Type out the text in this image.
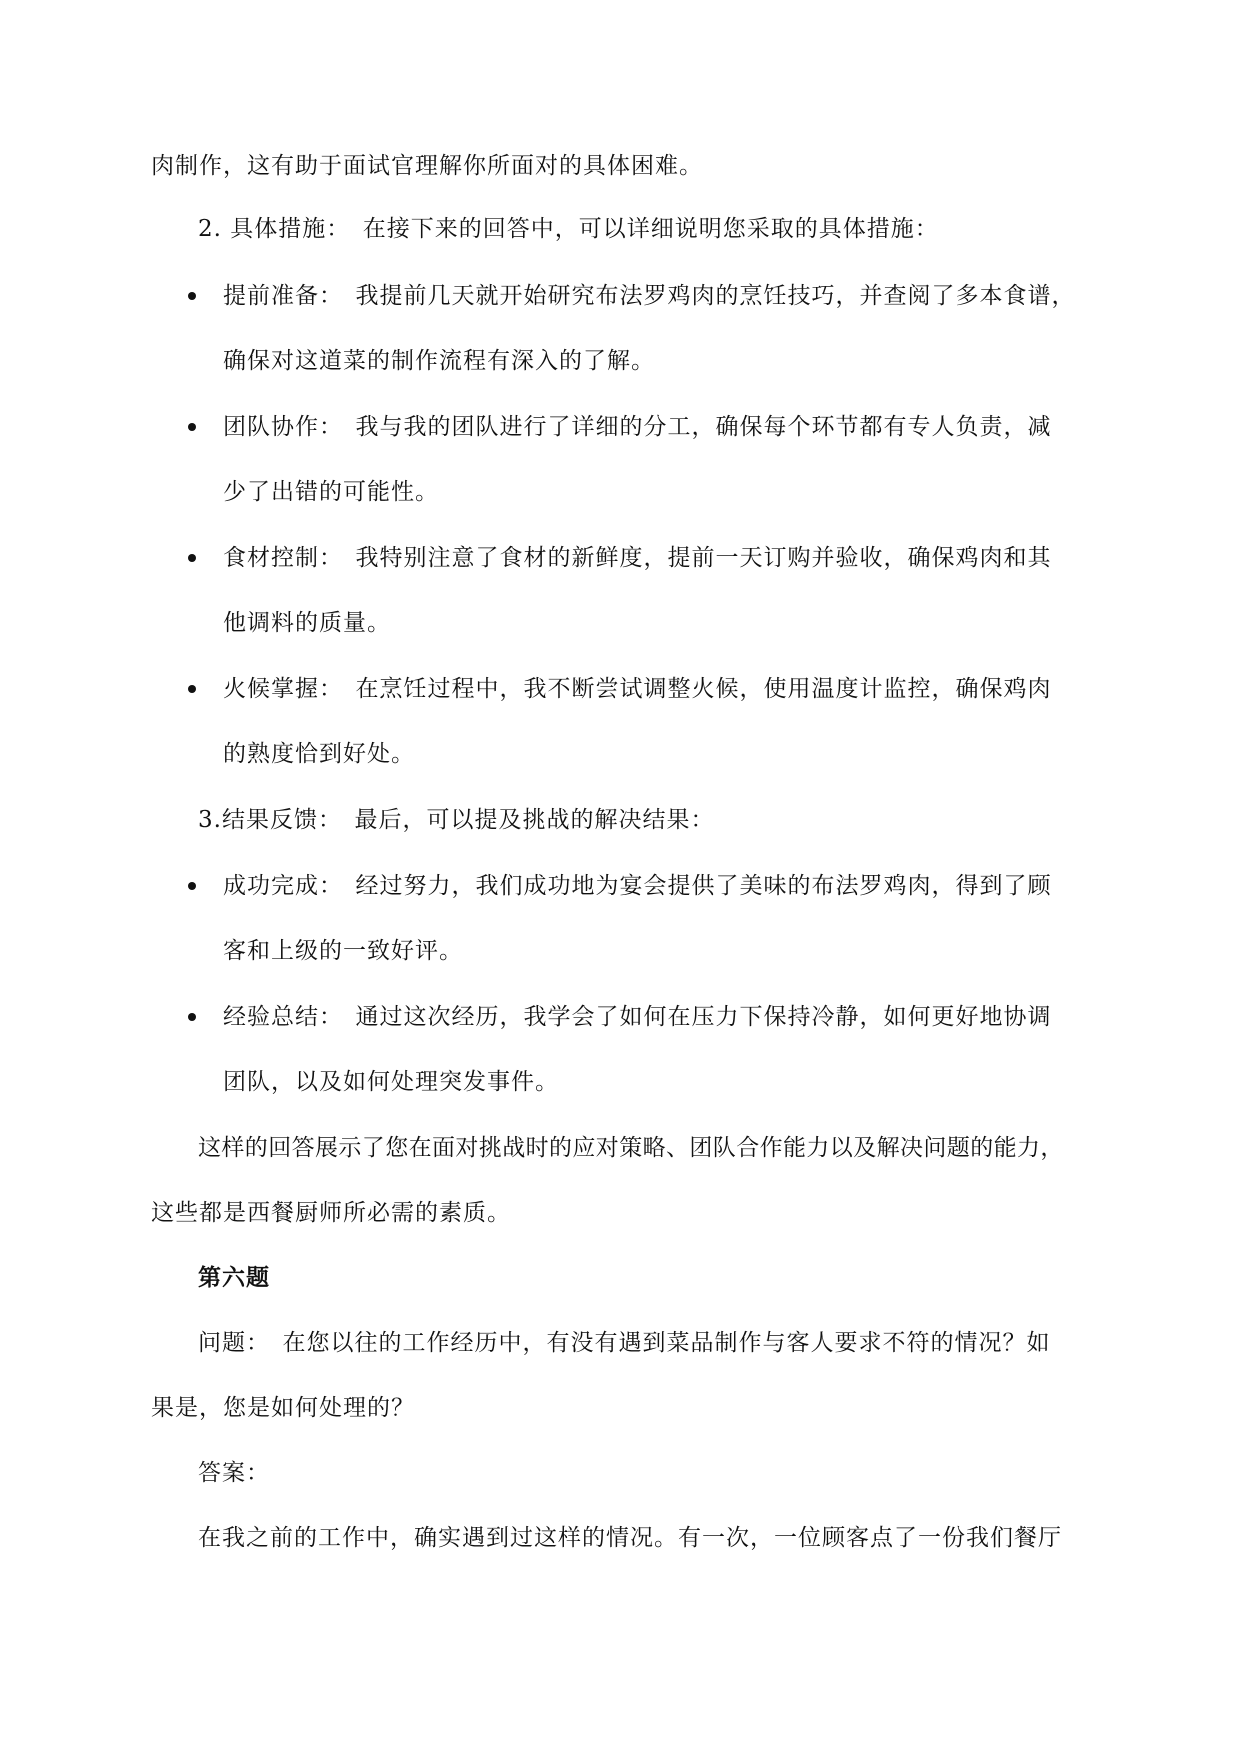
肉制作，这有助于面试官理解你所面对的具体困难。
2. 具体措施：　在接下来的回答中，可以详细说明您采取的具体措施：
提前准备：　我提前几天就开始研究布法罗鸡肉的烹饪技巧，并查阅了多本食谱，
确保对这道菜的制作流程有深入的了解。
团队协作：　我与我的团队进行了详细的分工，确保每个环节都有专人负责，减
少了出错的可能性。
食材控制：　我特别注意了食材的新鲜度，提前一天订购并验收，确保鸡肉和其
他调料的质量。
火候掌握：　在烹饪过程中，我不断尝试调整火候，使用温度计监控，确保鸡肉
的熟度恰到好处。
3.结果反馈：　最后，可以提及挑战的解决结果：
成功完成：　经过努力，我们成功地为宴会提供了美味的布法罗鸡肉，得到了顾
客和上级的一致好评。
经验总结：　通过这次经历，我学会了如何在压力下保持冷静，如何更好地协调
团队，以及如何处理突发事件。
这样的回答展示了您在面对挑战时的应对策略、团队合作能力以及解决问题的能力，
这些都是西餐厨师所必需的素质。
第六题
问题：　在您以往的工作经历中，有没有遇到菜品制作与客人要求不符的情况？如
果是，您是如何处理的？
答案：
在我之前的工作中，确实遇到过这样的情况。有一次，一位顾客点了一份我们餐厅
